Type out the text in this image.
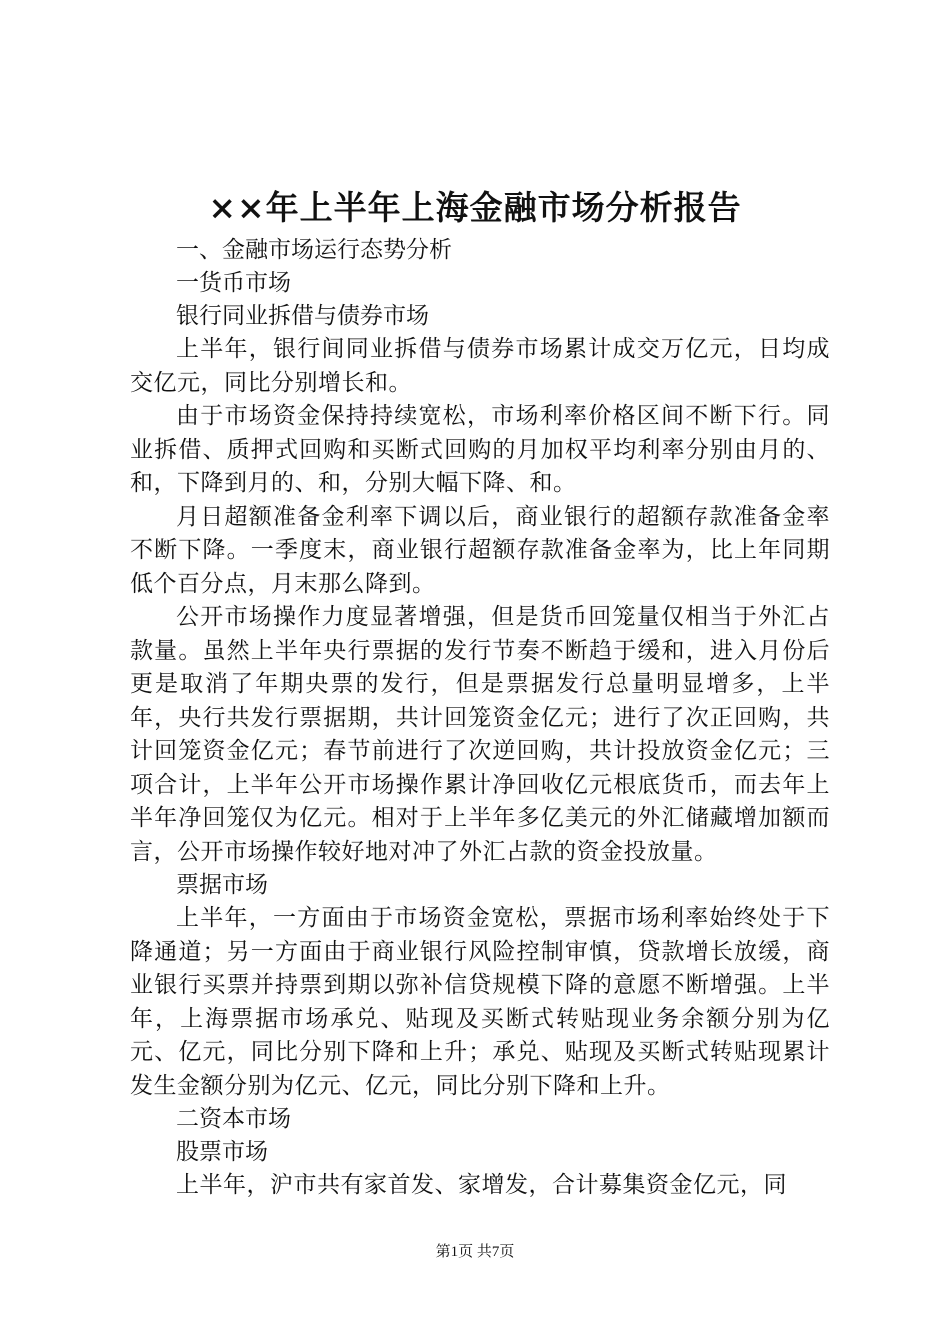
××年上半年上海金融市场分析报告
一、金融市场运行态势分析
一货币市场
银行同业拆借与债券市场
上半年，银行间同业拆借与债券市场累计成交万亿元，日均成交亿元，同比分别增长和。
由于市场资金保持持续宽松，市场利率价格区间不断下行。同业拆借、质押式回购和买断式回购的月加权平均利率分别由月的、和，下降到月的、和，分别大幅下降、和。
月日超额准备金利率下调以后，商业银行的超额存款准备金率不断下降。一季度末，商业银行超额存款准备金率为，比上年同期低个百分点，月末那么降到。
公开市场操作力度显著增强，但是货币回笼量仅相当于外汇占款量。虽然上半年央行票据的发行节奏不断趋于缓和，进入月份后更是取消了年期央票的发行，但是票据发行总量明显增多，上半年，央行共发行票据期，共计回笼资金亿元；进行了次正回购，共计回笼资金亿元；春节前进行了次逆回购，共计投放资金亿元；三项合计，上半年公开市场操作累计净回收亿元根底货币，而去年上半年净回笼仅为亿元。相对于上半年多亿美元的外汇储藏增加额而言，公开市场操作较好地对冲了外汇占款的资金投放量。
票据市场
上半年，一方面由于市场资金宽松，票据市场利率始终处于下降通道；另一方面由于商业银行风险控制审慎，贷款增长放缓，商业银行买票并持票到期以弥补信贷规模下降的意愿不断增强。上半年，上海票据市场承兑、贴现及买断式转贴现业务余额分别为亿元、亿元，同比分别下降和上升；承兑、贴现及买断式转贴现累计发生金额分别为亿元、亿元，同比分别下降和上升。
二资本市场
股票市场
上半年，沪市共有家首发、家增发，合计募集资金亿元，同
第1页 共7页
